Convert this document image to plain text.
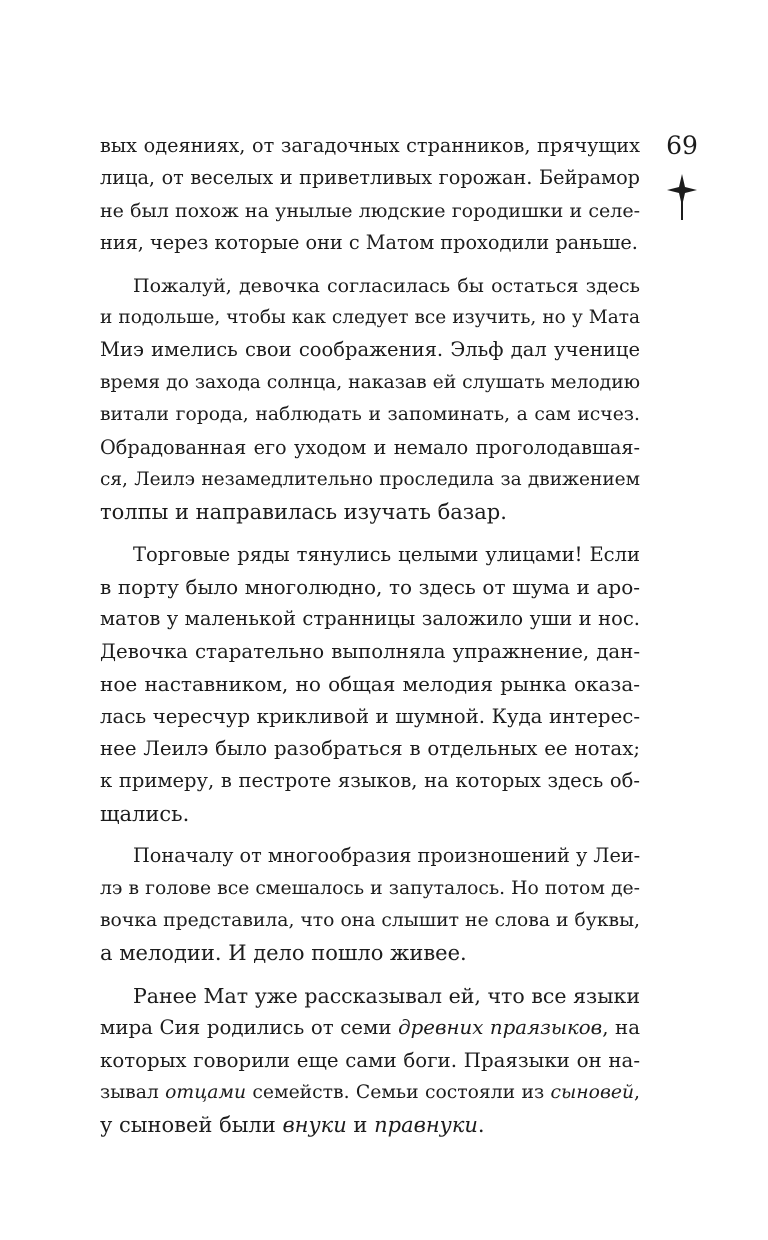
вых одеяниях, от загадочных странников, прячущих
лица, от веселых и приветливых горожан. Бейрамор
не был похож на унылые людские городишки и селе-
ния, через которые они с Матом проходили раньше.
Пожалуй, девочка согласилась бы остаться здесь
и подольше, чтобы как следует все изучить, но у Мата
Миэ имелись свои соображения. Эльф дал ученице
время до захода солнца, наказав ей слушать мелодию
витали города, наблюдать и запоминать, а сам исчез.
Обрадованная его уходом и немало проголодавшая-
ся, Леилэ незамедлительно проследила за движением
толпы и направилась изучать базар.
Торговые ряды тянулись целыми улицами! Если
в порту было многолюдно, то здесь от шума и аро-
матов у маленькой странницы заложило уши и нос.
Девочка старательно выполняла упражнение, дан-
ное наставником, но общая мелодия рынка оказа-
лась чересчур крикливой и шумной. Куда интерес-
нее Леилэ было разобраться в отдельных ее нотах;
к примеру, в пестроте языков, на которых здесь об-
щались.
Поначалу от многообразия произношений у Леи-
лэ в голове все смешалось и запуталось. Но потом де-
вочка представила, что она слышит не слова и буквы,
а мелодии. И дело пошло живее.
Ранее Мат уже рассказывал ей, что все языки
мира Сия родились от семи древних праязыков, на
которых говорили еще сами боги. Праязыки он на-
зывал отцами семейств. Семьи состояли из сыновей,
у сыновей были внуки и правнуки.
69
